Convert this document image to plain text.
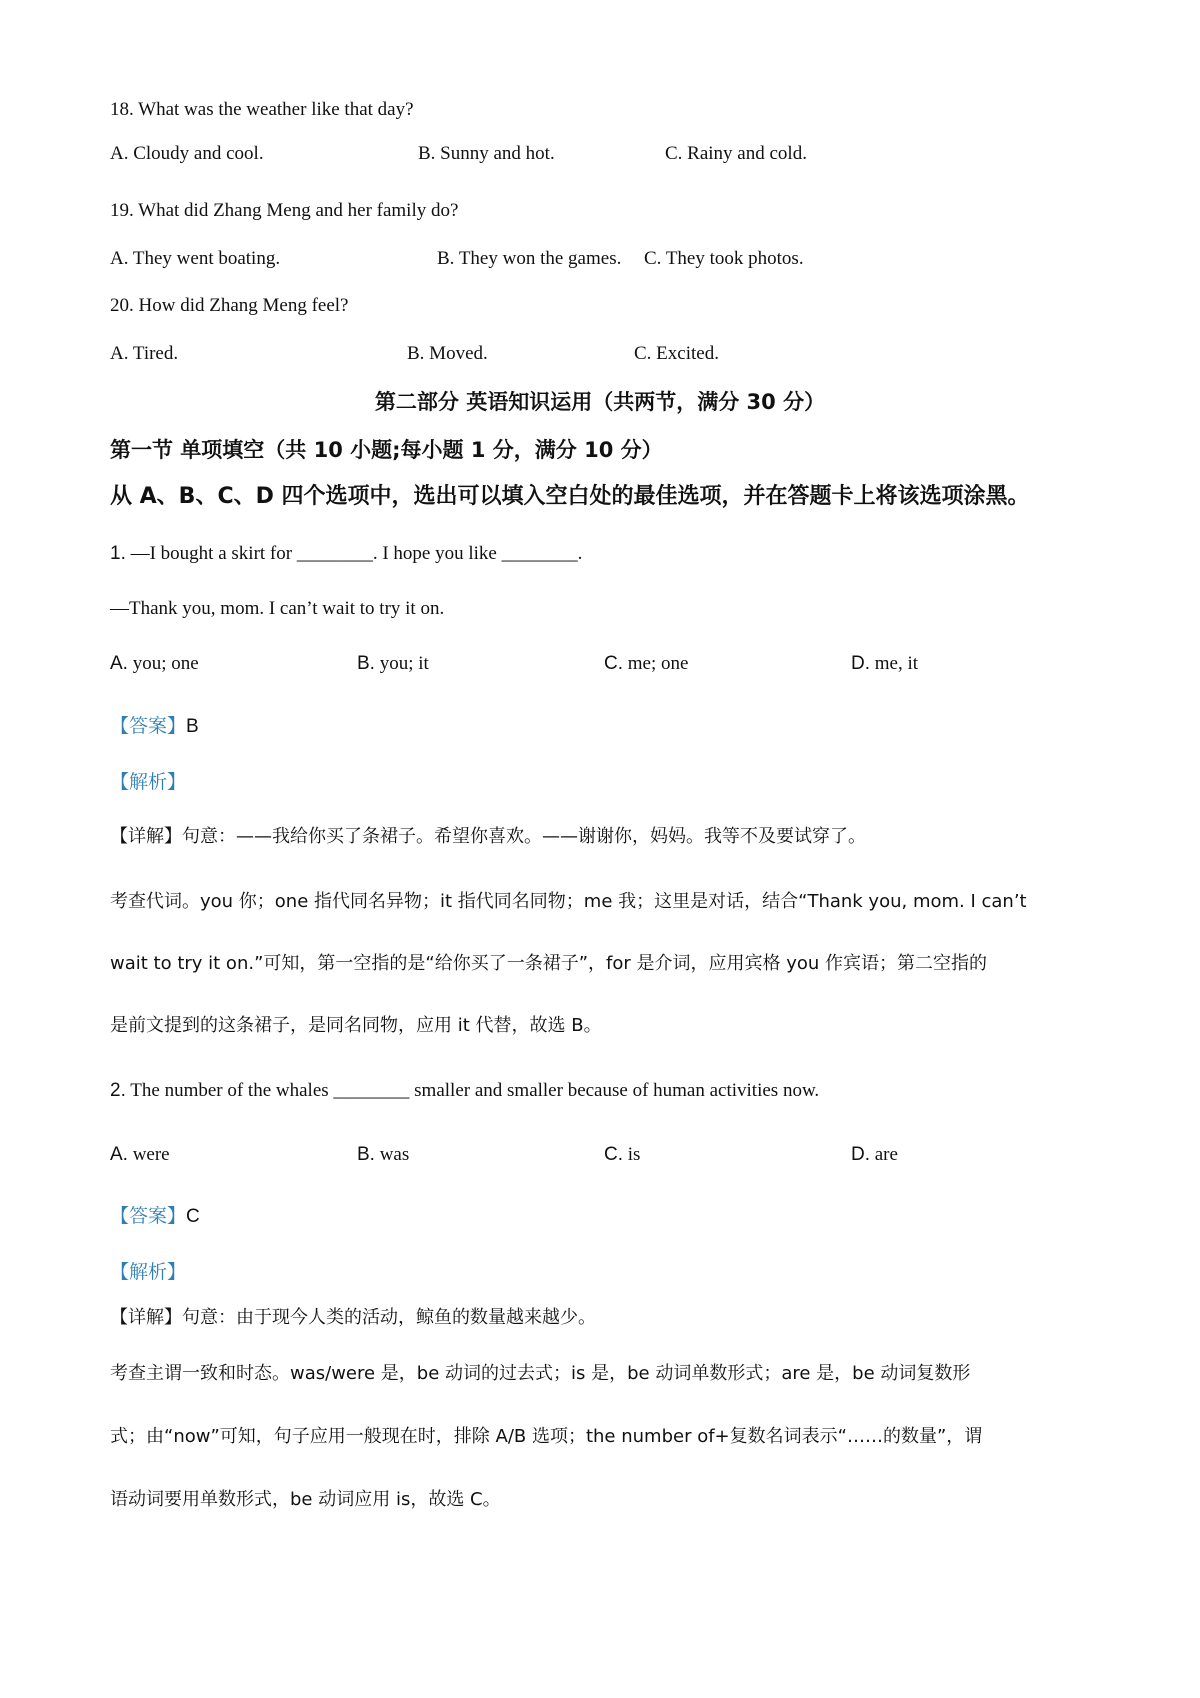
18. What was the weather like that day?
A. Cloudy and cool.	B. Sunny and hot.	C. Rainy and cold.
19. What did Zhang Meng and her family do?
A. They went boating.	B. They won the games. C. They took photos.
20. How did Zhang Meng feel?
A. Tired.	B. Moved.	C. Excited.
第二部分 英语知识运用（共两节，满分 30 分）
第一节 单项填空（共 10 小题;每小题 1 分，满分 10 分）
从 A、B、C、D 四个选项中，选出可以填入空白处的最佳选项，并在答题卡上将该选项涂黑。
1. —I bought a skirt for ________. I hope you like ________.
—Thank you, mom. I can’t wait to try it on.
A. you; one	B. you; it	C. me; one	D. me, it
【答案】B
【解析】
【详解】句意：——我给你买了条裙子。希望你喜欢。——谢谢你，妈妈。我等不及要试穿了。
考查代词。you 你；one 指代同名异物；it 指代同名同物；me 我；这里是对话，结合“Thank you, mom. I can’t
wait to try it on.”可知，第一空指的是“给你买了一条裙子”，for 是介词，应用宾格 you 作宾语；第二空指的
是前文提到的这条裙子，是同名同物，应用 it 代替，故选 B。
2. The number of the whales ________ smaller and smaller because of human activities now.
A. were	B. was	C. is	D. are
【答案】C
【解析】
【详解】句意：由于现今人类的活动，鲸鱼的数量越来越少。
考查主谓一致和时态。was/were 是，be 动词的过去式；is 是，be 动词单数形式；are 是，be 动词复数形
式；由“now”可知，句子应用一般现在时，排除 A/B 选项；the number of+复数名词表示“……的数量”，谓
语动词要用单数形式，be 动词应用 is，故选 C。
